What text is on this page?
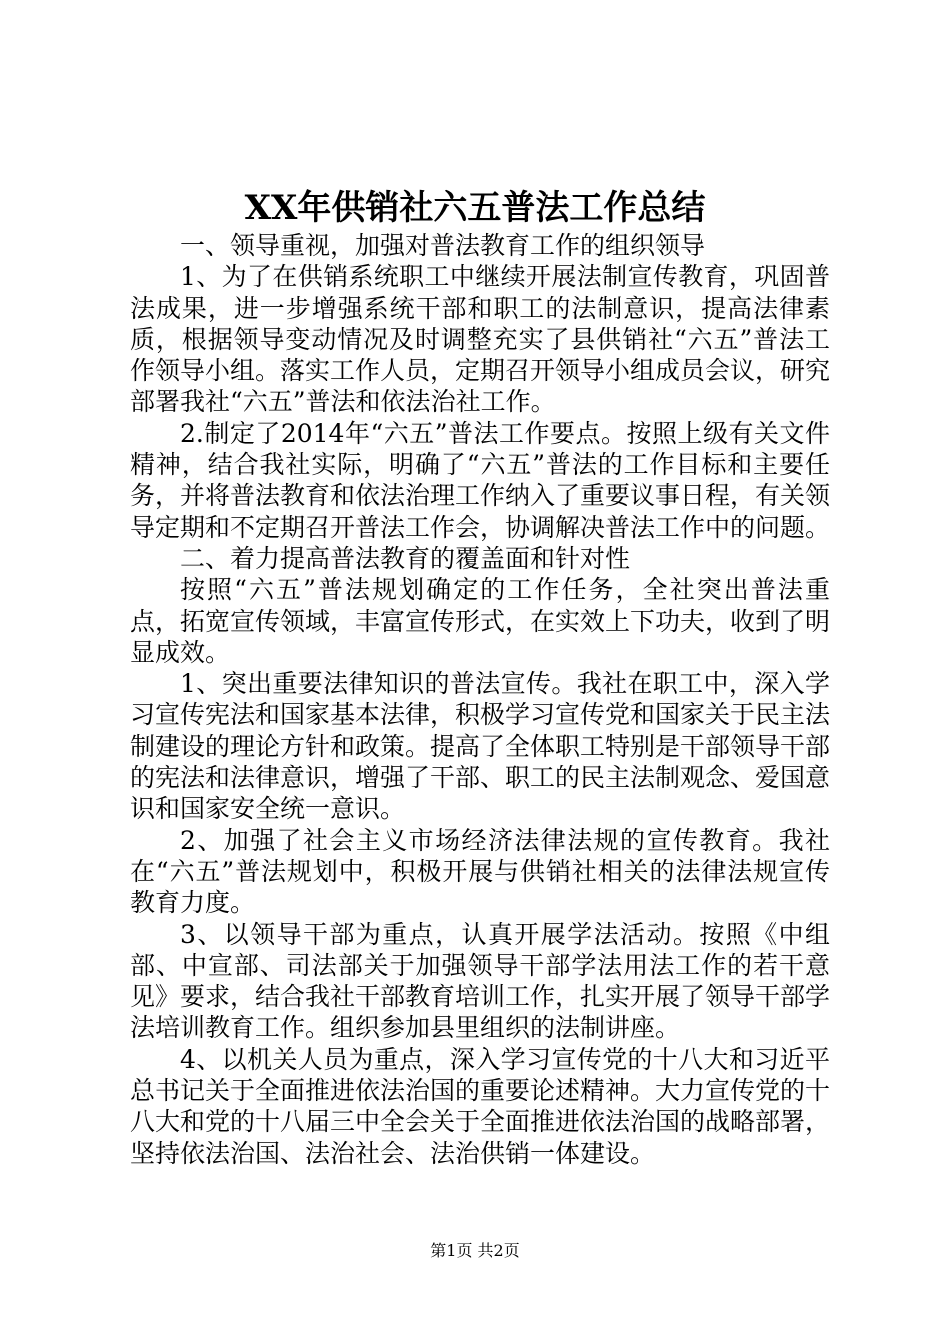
XX年供销社六五普法工作总结

一、领导重视，加强对普法教育工作的组织领导

1、为了在供销系统职工中继续开展法制宣传教育，巩固普法成果，进一步增强系统干部和职工的法制意识，提高法律素质，根据领导变动情况及时调整充实了县供销社“六五”普法工作领导小组。落实工作人员，定期召开领导小组成员会议，研究部署我社“六五”普法和依法治社工作。

2.制定了2014年“六五”普法工作要点。按照上级有关文件精神，结合我社实际，明确了“六五”普法的工作目标和主要任务，并将普法教育和依法治理工作纳入了重要议事日程，有关领导定期和不定期召开普法工作会，协调解决普法工作中的问题。

二、着力提高普法教育的覆盖面和针对性

按照“六五”普法规划确定的工作任务，全社突出普法重点，拓宽宣传领域，丰富宣传形式，在实效上下功夫，收到了明显成效。

1、突出重要法律知识的普法宣传。我社在职工中，深入学习宣传宪法和国家基本法律，积极学习宣传党和国家关于民主法制建设的理论方针和政策。提高了全体职工特别是干部领导干部的宪法和法律意识，增强了干部、职工的民主法制观念、爱国意识和国家安全统一意识。

2、加强了社会主义市场经济法律法规的宣传教育。我社在“六五”普法规划中，积极开展与供销社相关的法律法规宣传教育力度。

3、以领导干部为重点，认真开展学法活动。按照《中组部、中宣部、司法部关于加强领导干部学法用法工作的若干意见》要求，结合我社干部教育培训工作，扎实开展了领导干部学法培训教育工作。组织参加县里组织的法制讲座。

4、以机关人员为重点，深入学习宣传党的十八大和习近平总书记关于全面推进依法治国的重要论述精神。大力宣传党的十八大和党的十八届三中全会关于全面推进依法治国的战略部署，坚持依法治国、法治社会、法治供销一体建设。

第1页 共2页
